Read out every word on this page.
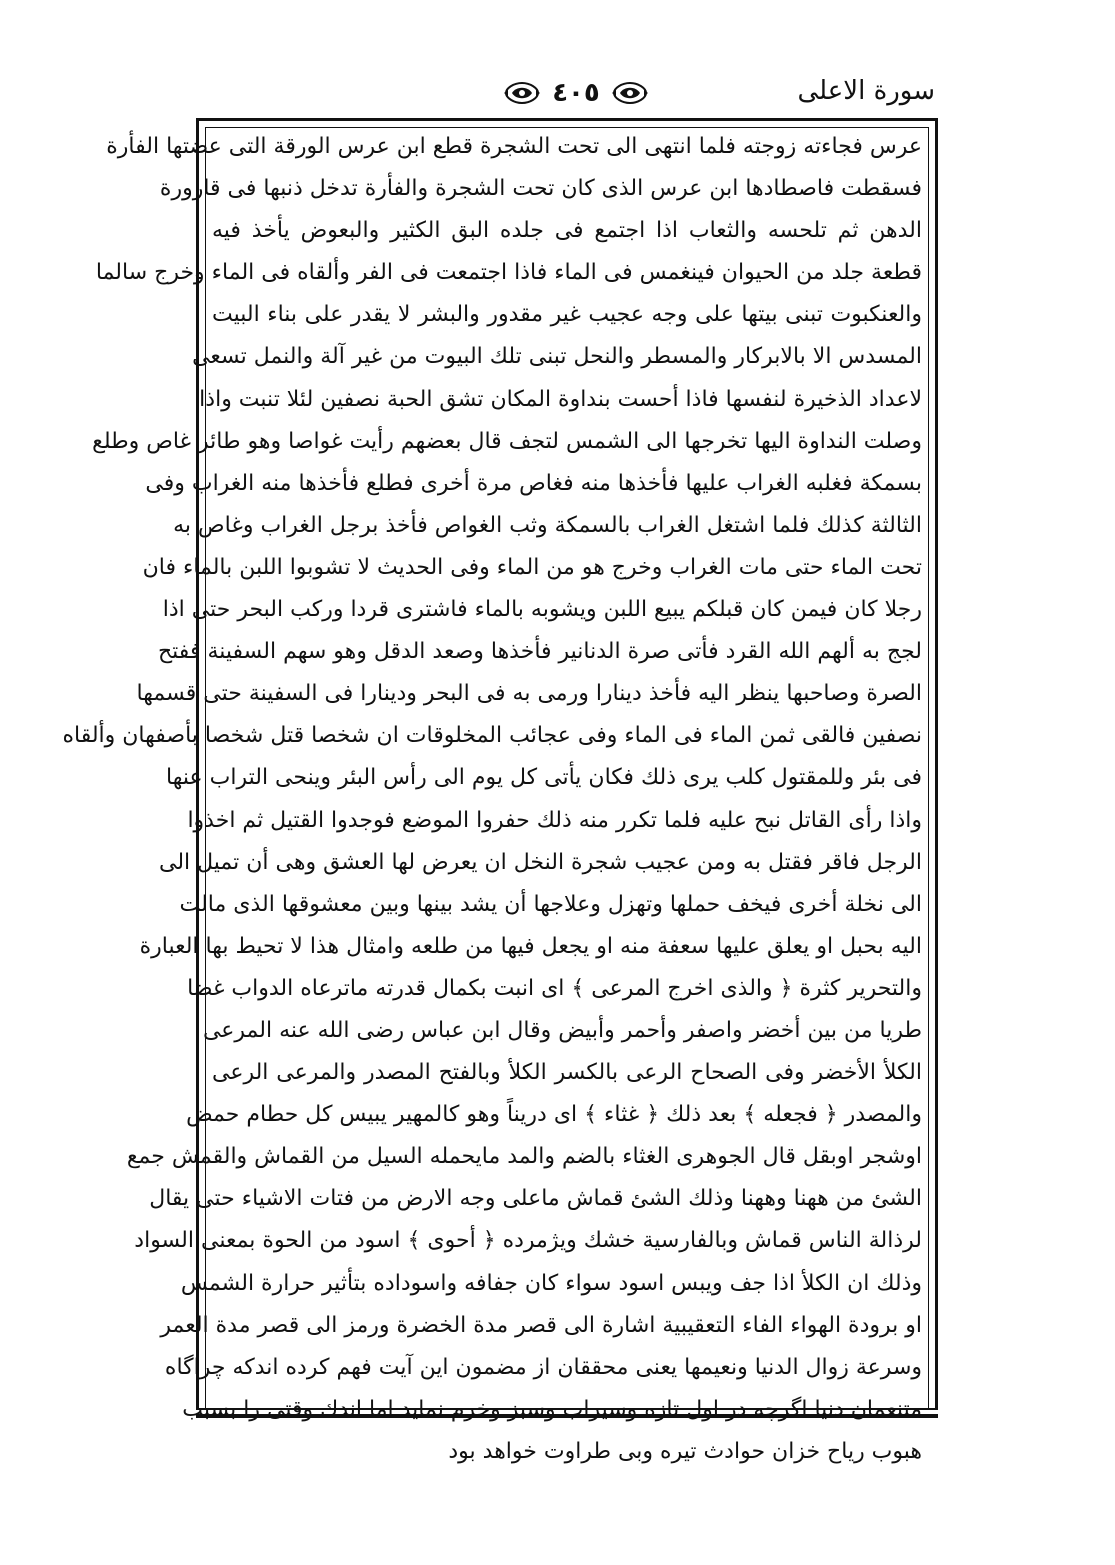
٤٠٥	سورة الاعلى
عرس فجاءته زوجته فلما انتهى الى تحت الشجرة قطع ابن عرس الورقة التى عضتها الفأرة
فسقطت فاصطادها ابن عرس الذى كان تحت الشجرة والفأرة تدخل ذنبها فى قارورة
الدهن ثم تلحسه والثعاب اذا اجتمع فى جلده البق الكثير والبعوض يأخذ فيه
قطعة جلد من الحيوان فينغمس فى الماء فاذا اجتمعت فى الفر وألقاه فى الماء وخرج سالما
والعنكبوت تبنى بيتها على وجه عجيب غير مقدور والبشر لا يقدر على بناء البيت
المسدس الا بالابركار والمسطر والنحل تبنى تلك البيوت من غير آلة والنمل تسعى
لاعداد الذخيرة لنفسها فاذا أحست بنداوة المكان تشق الحبة نصفين لئلا تنبت واذا
وصلت النداوة اليها تخرجها الى الشمس لتجف قال بعضهم رأيت غواصا وهو طائر غاص وطلع
بسمكة فغلبه الغراب عليها فأخذها منه فغاص مرة أخرى فطلع فأخذها منه الغراب وفى
الثالثة كذلك فلما اشتغل الغراب بالسمكة وثب الغواص فأخذ برجل الغراب وغاص به
تحت الماء حتى مات الغراب وخرج هو من الماء وفى الحديث لا تشوبوا اللبن بالماء فان
رجلا كان فيمن كان قبلكم يبيع اللبن ويشوبه بالماء فاشترى قردا وركب البحر حتى اذا
لجج به ألهم الله القرد فأتى صرة الدنانير فأخذها وصعد الدقل وهو سهم السفينة ففتح
الصرة وصاحبها ينظر اليه فأخذ دينارا ورمى به فى البحر ودينارا فى السفينة حتى قسمها
نصفين فالقى ثمن الماء فى الماء وفى عجائب المخلوقات ان شخصا قتل شخصا بأصفهان وألقاه
فى بئر وللمقتول كلب يرى ذلك فكان يأتى كل يوم الى رأس البئر وينحى التراب عنها
واذا رأى القاتل نبح عليه فلما تكرر منه ذلك حفروا الموضع فوجدوا القتيل ثم اخذوا
الرجل فاقر فقتل به ومن عجيب شجرة النخل ان يعرض لها العشق وهى أن تميل الى
الى نخلة أخرى فيخف حملها وتهزل وعلاجها أن يشد بينها وبين معشوقها الذى مالت
اليه بحبل او يعلق عليها سعفة منه او يجعل فيها من طلعه وامثال هذا لا تحيط بها العبارة
والتحرير كثرة ﴿ والذى اخرج المرعى ﴾ اى انبت بكمال قدرته ماترعاه الدواب غضا
طريا من بين أخضر واصفر وأحمر وأبيض وقال ابن عباس رضى الله عنه المرعى
الكلأ الأخضر وفى الصحاح الرعى بالكسر الكلأ وبالفتح المصدر والمرعى الرعى
والمصدر ﴿ فجعله ﴾ بعد ذلك ﴿ غثاء ﴾ اى دريناً وهو كالمهير يبيس كل حطام حمض
اوشجر اوبقل قال الجوهرى الغثاء بالضم والمد مايحمله السيل من القماش والقمش جمع
الشئ من ههنا وههنا وذلك الشئ قماش ماعلى وجه الارض من فتات الاشياء حتى يقال
لرذالة الناس قماش وبالفارسية خشك ويژمرده ﴿ أحوى ﴾ اسود من الحوة بمعنى السواد
وذلك ان الكلأ اذا جف ويبس اسود سواء كان جفافه واسوداده بتأثير حرارة الشمس
او برودة الهواء الفاء التعقيبية اشارة الى قصر مدة الخضرة ورمز الى قصر مدة العمر
وسرعة زوال الدنيا ونعيمها يعنى محققان از مضمون اين آيت فهم كرده اندكه چراگاه
متنعمان دنيا اگرچه در اول تازه وسيراب وسبز وخرم نمايد اما اندك وقتى را بسبب
هبوب رياح خزان حوادث تيره وبى طراوت خواهد بود
